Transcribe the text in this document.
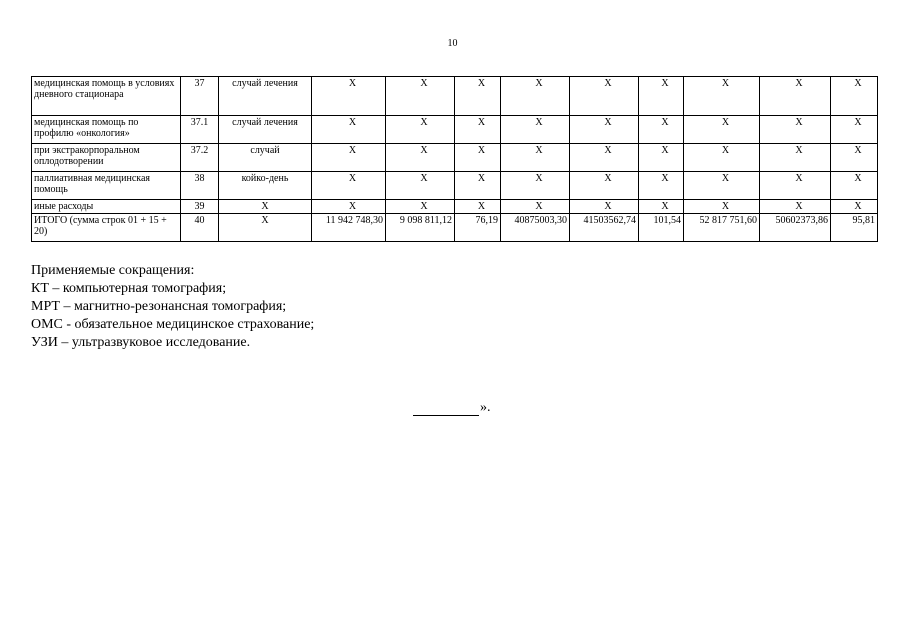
10
медицинская помощь в условиях дневного стационара	37	случай лечения	X	X	X	X	X	X	X	X	X
медицинская помощь по профилю «онкология»	37.1	случай лечения	X	X	X	X	X	X	X	X	X
при экстракорпоральном оплодотворении	37.2	случай	X	X	X	X	X	X	X	X	X
паллиативная медицинская помощь	38	койко-день	X	X	X	X	X	X	X	X	X
иные расходы	39	X	X	X	X	X	X	X	X	X	X
ИТОГО (сумма строк 01 + 15 + 20)	40	X	11 942 748,30	9 098 811,12	76,19	40875003,30	41503562,74	101,54	52 817 751,60	50602373,86	95,81
Применяемые сокращения:
КТ – компьютерная томография;
МРТ – магнитно-резонансная томография;
ОМС - обязательное медицинское страхование;
УЗИ – ультразвуковое исследование.
».
